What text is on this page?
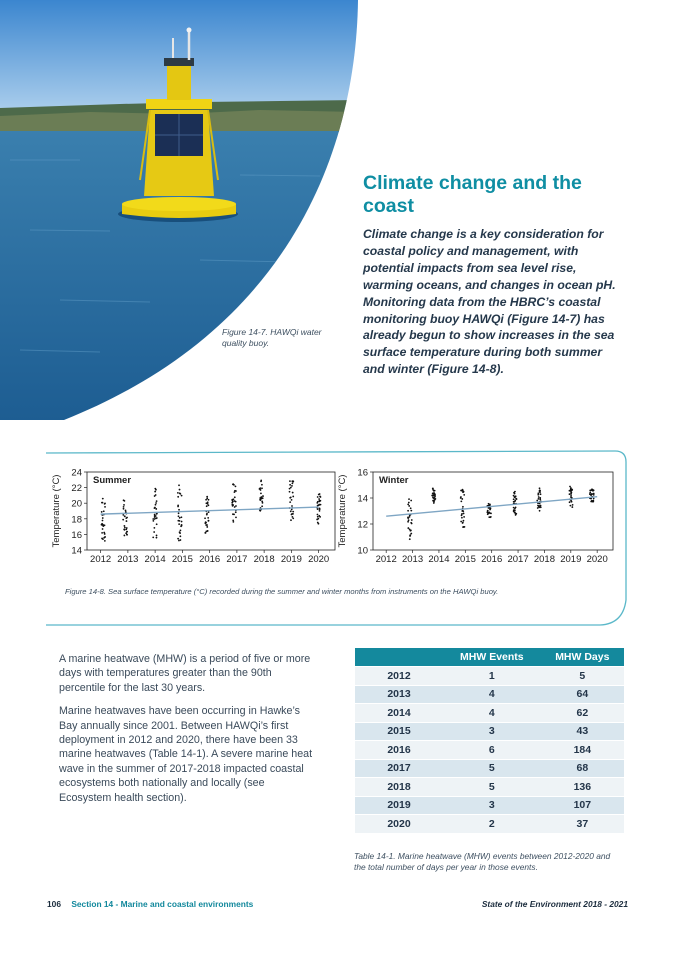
Figure 14-7. HAWQi water quality buoy.
Climate change and the coast

Climate change is a key consideration for coastal policy and management, with potential impacts from sea level rise, warming oceans, and changes in ocean pH. Monitoring data from the HBRC’s coastal monitoring buoy HAWQi (Figure 14-7) has already begun to show increases in the sea surface temperature during both summer and winter (Figure 14-8).

14
16
18
20
22
24
2012 2013 2014 2015 2016 2017 2018 2019 2020
Temperature (°C)	Summer
10
12
14
16
2012 2013 2014 2015 2016 2017 2018 2019 2020
Temperature (°C)	Winter
Figure 14-8. Sea surface temperature (°C) recorded during the summer and winter months from instruments on the HAWQi buoy.

A marine heatwave (MHW) is a period of five or more days with temperatures greater than the 90th percentile for the last 30 years.

Marine heatwaves have been occurring in Hawke’s Bay annually since 2001. Between HAWQi’s first deployment in 2012 and 2020, there have been 33 marine heatwaves (Table 14-1). A severe marine heat wave in the summer of 2017-2018 impacted coastal ecosystems both nationally and locally (see Ecosystem health section).

	MHW Events	MHW Days
2012	1	5
2013	4	64
2014	4	62
2015	3	43
2016	6	184
2017	5	68
2018	5	136
2019	3	107
2020	2	37
Table 14-1. Marine heatwave (MHW) events between 2012-2020 and the total number of days per year in those events.
106 Section 14 - Marine and coastal environments	State of the Environment 2018 - 2021
